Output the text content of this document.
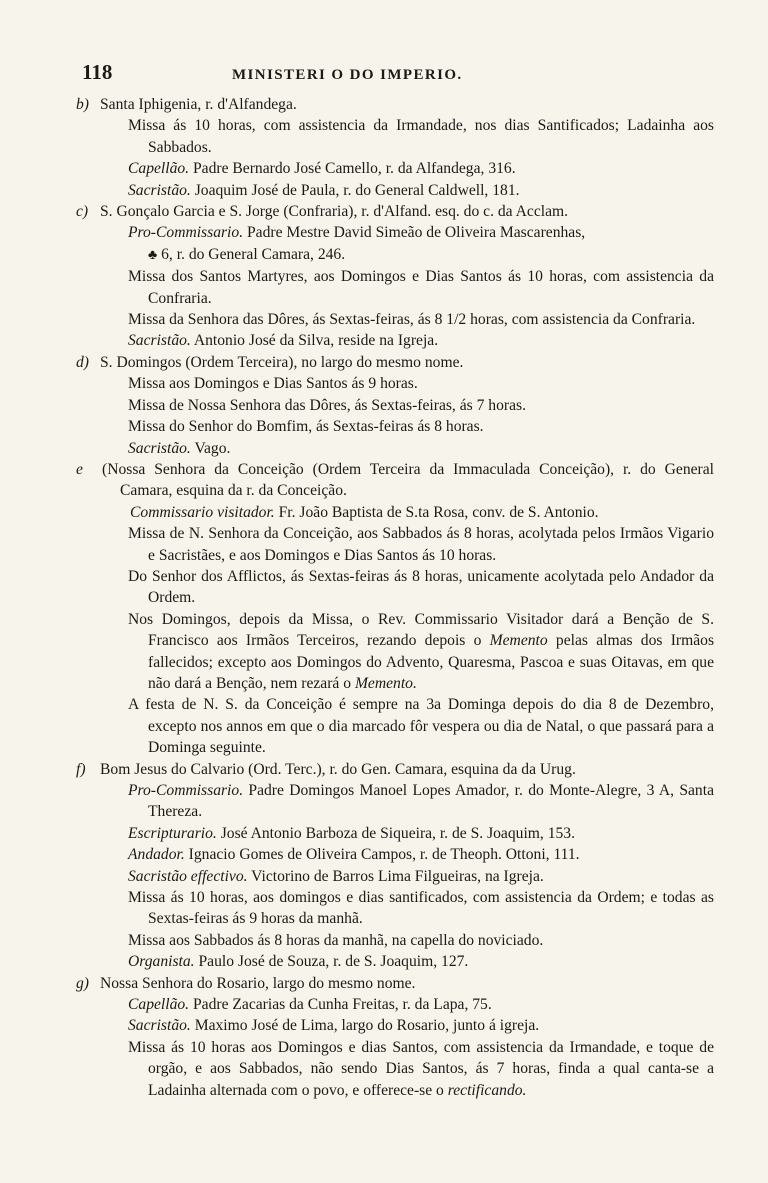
118	MINISTERI O DO IMPERIO.
b) Santa Iphigenia, r. d'Alfandega.
Missa ás 10 horas, com assistencia da Irmandade, nos dias Santificados; Ladainha aos Sabbados.
Capellão. Padre Bernardo José Camello, r. da Alfandega, 316.
Sacristão. Joaquim José de Paula, r. do General Caldwell, 181.
c) S. Gonçalo Garcia e S. Jorge (Confraria), r. d'Alfand. esq. do c. da Acclam.
Pro-Commissario. Padre Mestre David Simeão de Oliveira Mascarenhas,
♣ 6, r. do General Camara, 246.
Missa dos Santos Martyres, aos Domingos e Dias Santos ás 10 horas, com assistencia da Confraria.
Missa da Senhora das Dôres, ás Sextas-feiras, ás 8 1/2 horas, com assistencia da Confraria.
Sacristão. Antonio José da Silva, reside na Igreja.
d) S. Domingos (Ordem Terceira), no largo do mesmo nome.
Missa aos Domingos e Dias Santos ás 9 horas.
Missa de Nossa Senhora das Dôres, ás Sextas-feiras, ás 7 horas.
Missa do Senhor do Bomfim, ás Sextas-feiras ás 8 horas.
Sacristão. Vago.
e (Nossa Senhora da Conceição (Ordem Terceira da Immaculada Conceição), r. do General Camara, esquina da r. da Conceição.
Commissario visitador. Fr. João Baptista de S.ta Rosa, conv. de S. Antonio.
Missa de N. Senhora da Conceição, aos Sabbados ás 8 horas, acolytada pelos Irmãos Vigario e Sacristães, e aos Domingos e Dias Santos ás 10 horas.
Do Senhor dos Afflictos, ás Sextas-feiras ás 8 horas, unicamente acolytada pelo Andador da Ordem.
Nos Domingos, depois da Missa, o Rev. Commissario Visitador dará a Benção de S. Francisco aos Irmãos Terceiros, rezando depois o Memento pelas almas dos Irmãos fallecidos; excepto aos Domingos do Advento, Quaresma, Pascoa e suas Oitavas, em que não dará a Benção, nem rezará o Memento.
A festa de N. S. da Conceição é sempre na 3a Dominga depois do dia 8 de Dezembro, excepto nos annos em que o dia marcado fôr vespera ou dia de Natal, o que passará para a Dominga seguinte.
f) Bom Jesus do Calvario (Ord. Terc.), r. do Gen. Camara, esquina da da Urug.
Pro-Commissario. Padre Domingos Manoel Lopes Amador, r. do Monte-Alegre, 3 A, Santa Thereza.
Escripturario. José Antonio Barboza de Siqueira, r. de S. Joaquim, 153.
Andador. Ignacio Gomes de Oliveira Campos, r. de Theoph. Ottoni, 111.
Sacristão effectivo. Victorino de Barros Lima Filgueiras, na Igreja.
Missa ás 10 horas, aos domingos e dias santificados, com assistencia da Ordem; e todas as Sextas-feiras ás 9 horas da manhã.
Missa aos Sabbados ás 8 horas da manhã, na capella do noviciado.
Organista. Paulo José de Souza, r. de S. Joaquim, 127.
g) Nossa Senhora do Rosario, largo do mesmo nome.
Capellão. Padre Zacarias da Cunha Freitas, r. da Lapa, 75.
Sacristão. Maximo José de Lima, largo do Rosario, junto á igreja.
Missa ás 10 horas aos Domingos e dias Santos, com assistencia da Irmandade, e toque de orgão, e aos Sabbados, não sendo Dias Santos, ás 7 horas, finda a qual canta-se a Ladainha alternada com o povo, e offerece-se o rectificando.
